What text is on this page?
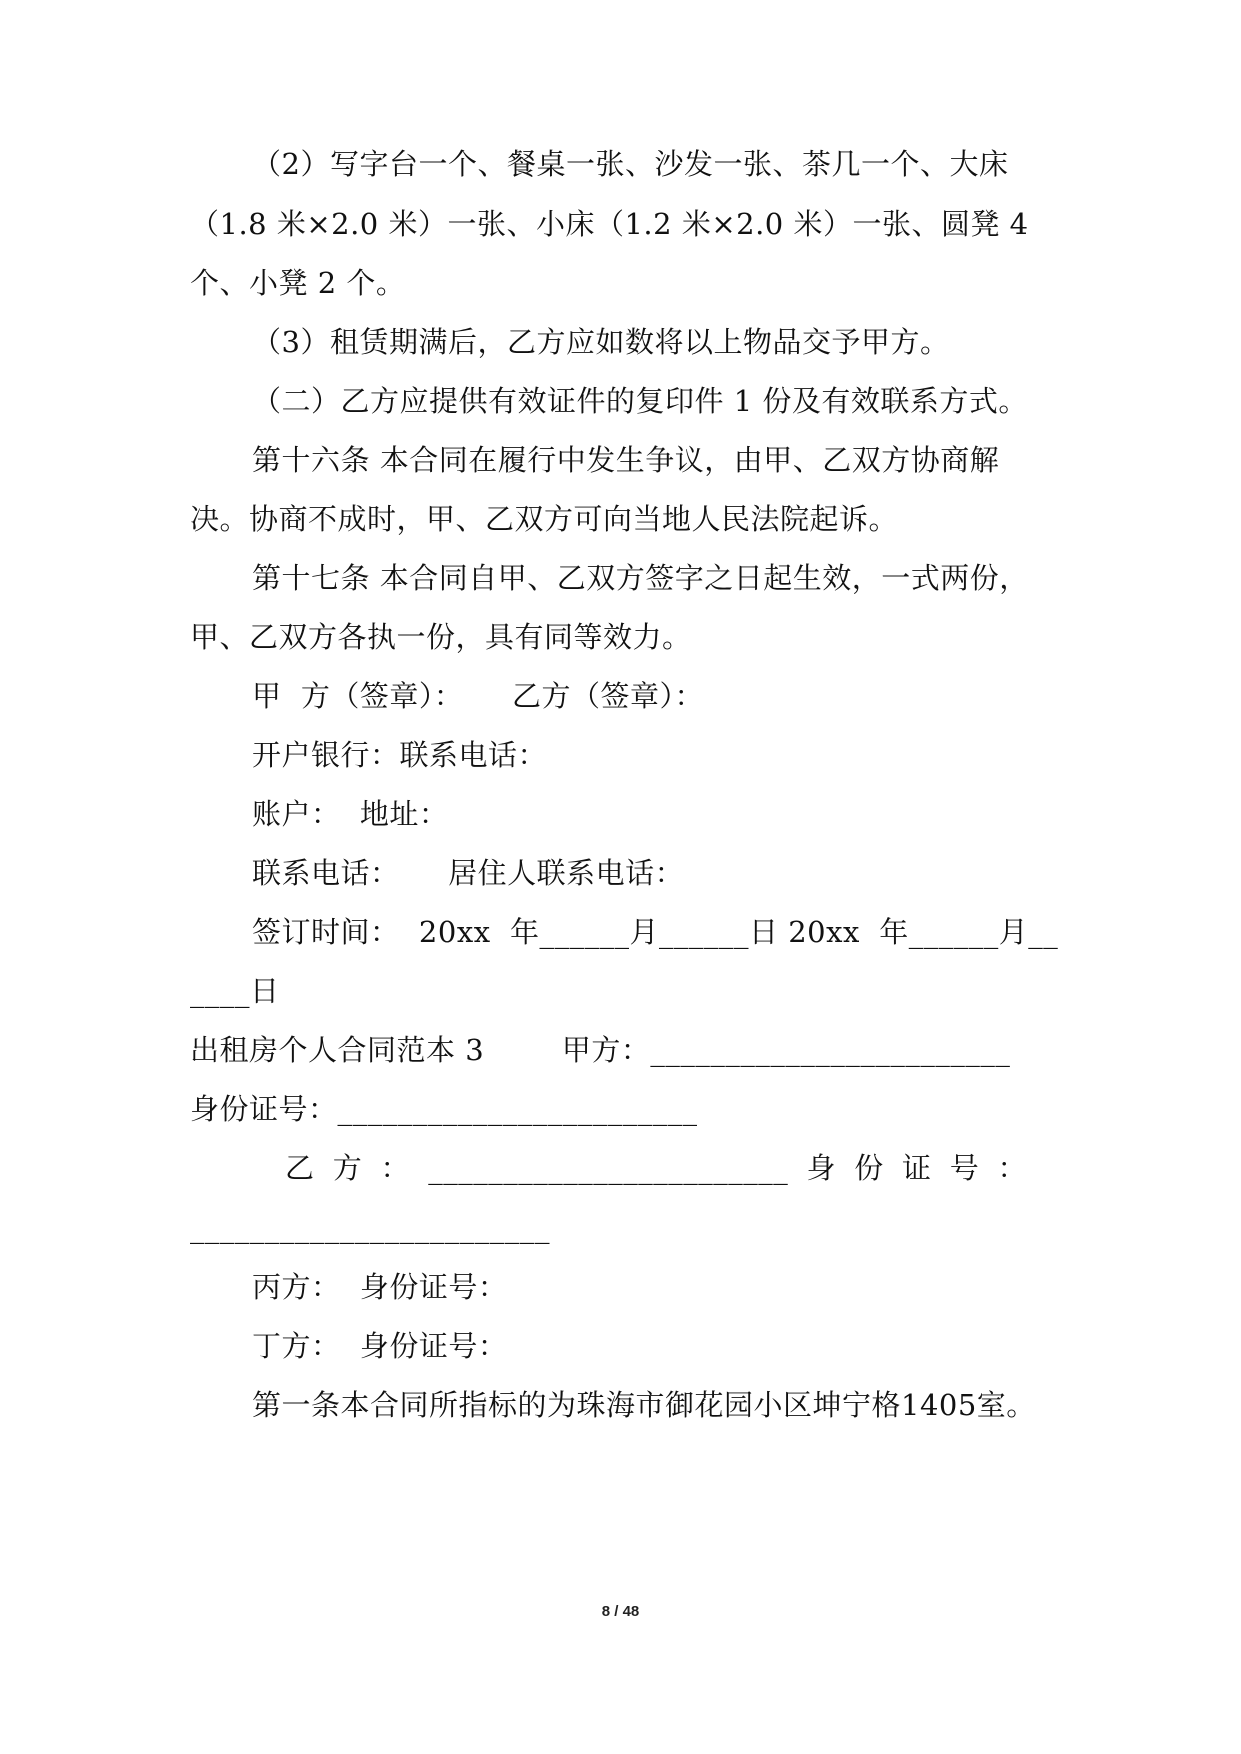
（2）写字台一个、餐桌一张、沙发一张、茶几一个、大床
（1.8 米×2.0 米）一张、小床（1.2 米×2.0 米）一张、圆凳 4
个、小凳 2 个。
（3）租赁期满后，乙方应如数将以上物品交予甲方。
（二）乙方应提供有效证件的复印件 1 份及有效联系方式。
第十六条 本合同在履行中发生争议，由甲、乙双方协商解
决。协商不成时，甲、乙双方可向当地人民法院起诉。
第十七条 本合同自甲、乙双方签字之日起生效，一式两份，
甲、乙双方各执一份，具有同等效力。
甲  方（签章）：     乙方（签章）：
开户银行：联系电话：
账户：  地址：
联系电话：     居住人联系电话：
签订时间：  20xx  年______月______日 20xx  年______月__
____日
出租房个人合同范本 3        甲方：________________________
身份证号：________________________
乙 方 ： ________________________ 身 份 证 号 ：
________________________
丙方：  身份证号：
丁方：  身份证号：
第一条本合同所指标的为珠海市御花园小区坤宁格1405室。
8 / 48
